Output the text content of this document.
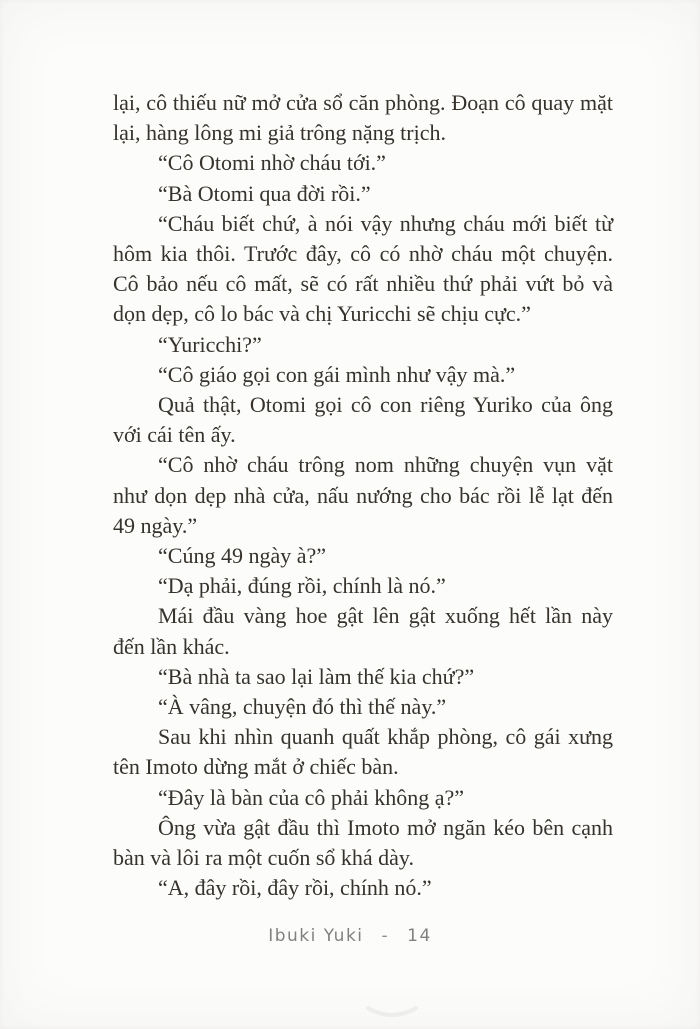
lại, cô thiếu nữ mở cửa sổ căn phòng. Đoạn cô quay mặt lại, hàng lông mi giả trông nặng trịch.

“Cô Otomi nhờ cháu tới.”

“Bà Otomi qua đời rồi.”

“Cháu biết chứ, à nói vậy nhưng cháu mới biết từ hôm kia thôi. Trước đây, cô có nhờ cháu một chuyện. Cô bảo nếu cô mất, sẽ có rất nhiều thứ phải vứt bỏ và dọn dẹp, cô lo bác và chị Yuricchi sẽ chịu cực.”

“Yuricchi?”

“Cô giáo gọi con gái mình như vậy mà.”

Quả thật, Otomi gọi cô con riêng Yuriko của ông với cái tên ấy.

“Cô nhờ cháu trông nom những chuyện vụn vặt như dọn dẹp nhà cửa, nấu nướng cho bác rồi lễ lạt đến 49 ngày.”

“Cúng 49 ngày à?”

“Dạ phải, đúng rồi, chính là nó.”

Mái đầu vàng hoe gật lên gật xuống hết lần này đến lần khác.

“Bà nhà ta sao lại làm thế kia chứ?”

“À vâng, chuyện đó thì thế này.”

Sau khi nhìn quanh quất khắp phòng, cô gái xưng tên Imoto dừng mắt ở chiếc bàn.

“Đây là bàn của cô phải không ạ?”

Ông vừa gật đầu thì Imoto mở ngăn kéo bên cạnh bàn và lôi ra một cuốn sổ khá dày.

“A, đây rồi, đây rồi, chính nó.”

Ibuki Yuki - 14
